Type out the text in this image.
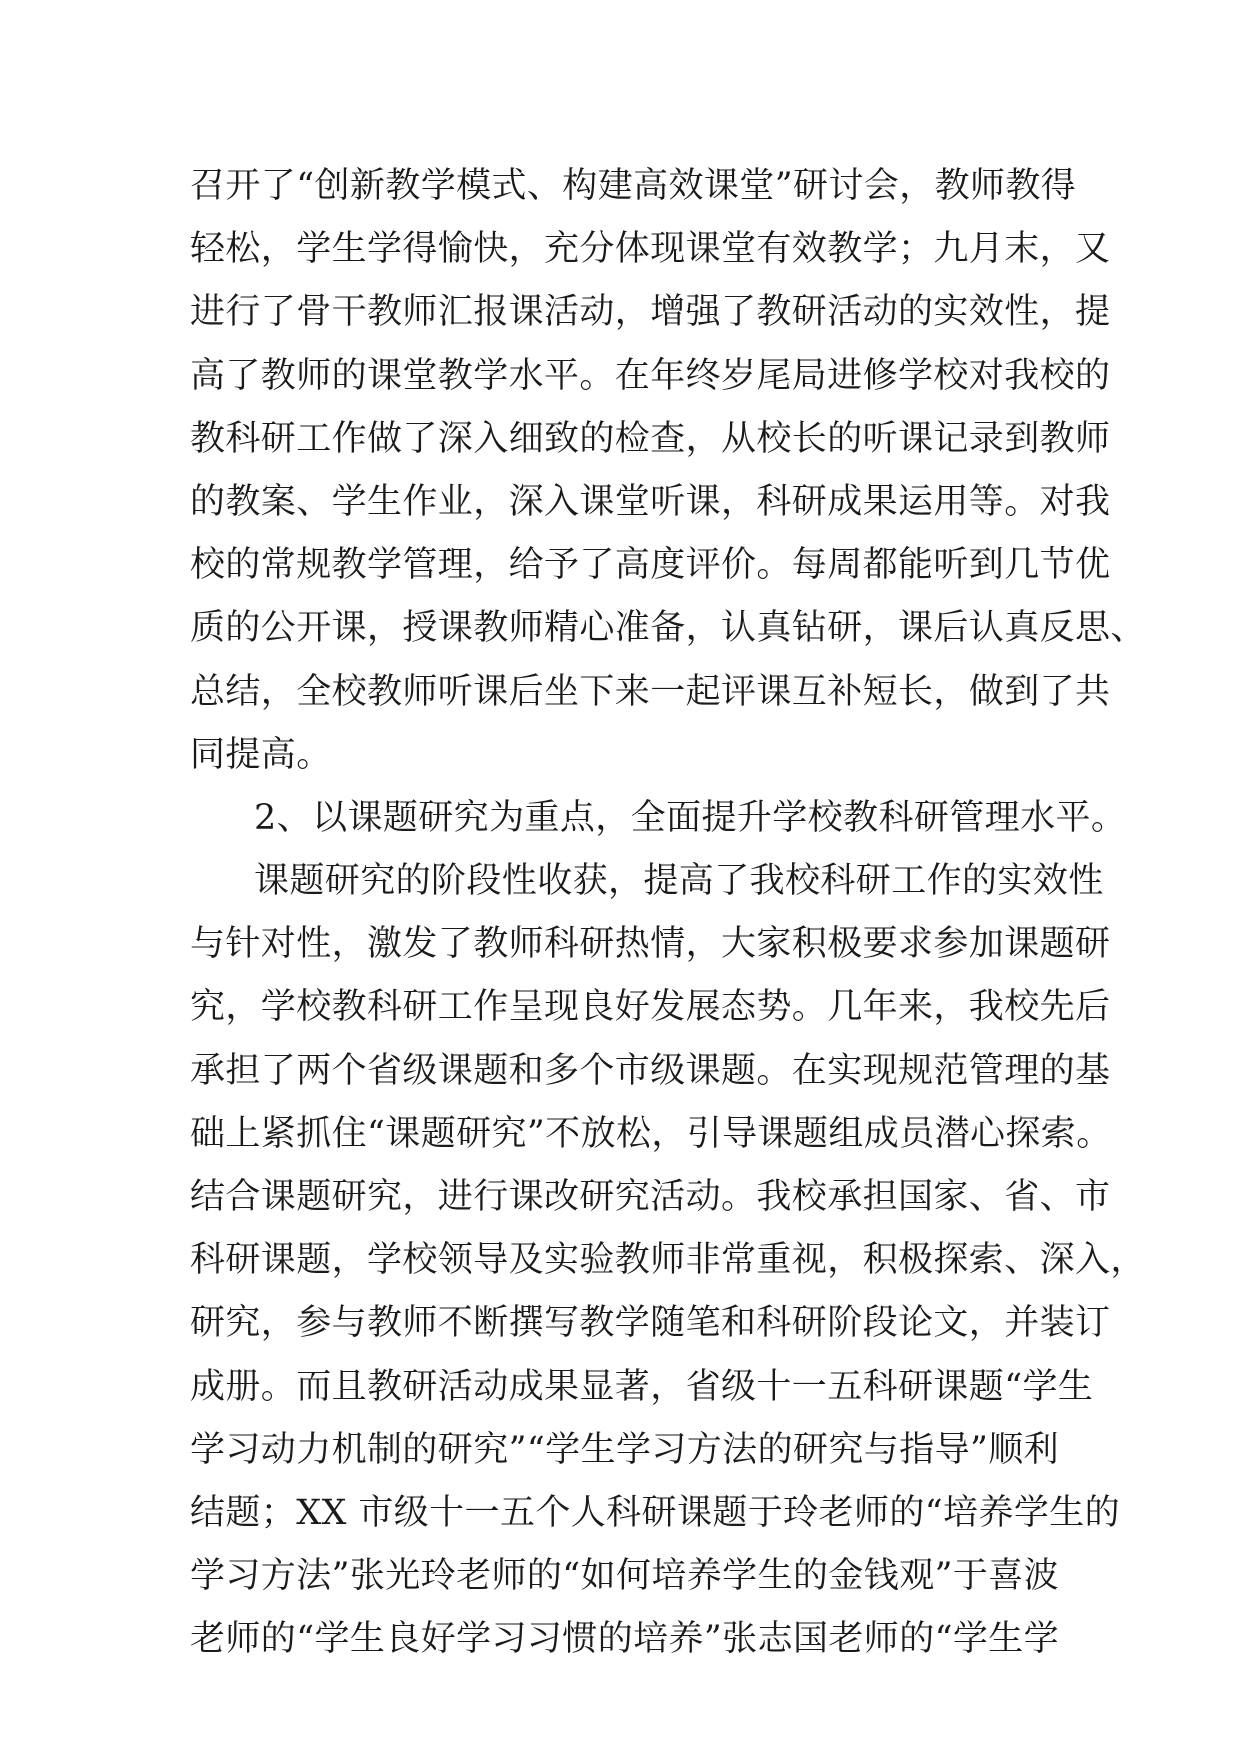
召开了“创新教学模式、构建高效课堂”研讨会，教师教得
轻松，学生学得愉快，充分体现课堂有效教学；九月末，又
进行了骨干教师汇报课活动，增强了教研活动的实效性，提
高了教师的课堂教学水平。在年终岁尾局进修学校对我校的
教科研工作做了深入细致的检查，从校长的听课记录到教师
的教案、学生作业，深入课堂听课，科研成果运用等。对我
校的常规教学管理，给予了高度评价。每周都能听到几节优
质的公开课，授课教师精心准备，认真钻研，课后认真反思、
总结，全校教师听课后坐下来一起评课互补短长，做到了共
同提高。
2、以课题研究为重点，全面提升学校教科研管理水平。
课题研究的阶段性收获，提高了我校科研工作的实效性
与针对性，激发了教师科研热情，大家积极要求参加课题研
究，学校教科研工作呈现良好发展态势。几年来，我校先后
承担了两个省级课题和多个市级课题。在实现规范管理的基
础上紧抓住“课题研究”不放松，引导课题组成员潜心探索。
结合课题研究，进行课改研究活动。我校承担国家、省、市
科研课题，学校领导及实验教师非常重视，积极探索、深入，
研究，参与教师不断撰写教学随笔和科研阶段论文，并装订
成册。而且教研活动成果显著，省级十一五科研课题“学生
学习动力机制的研究”“学生学习方法的研究与指导”顺利
结题；XX 市级十一五个人科研课题于玲老师的“培养学生的
学习方法”张光玲老师的“如何培养学生的金钱观”于喜波
老师的“学生良好学习习惯的培养”张志国老师的“学生学
